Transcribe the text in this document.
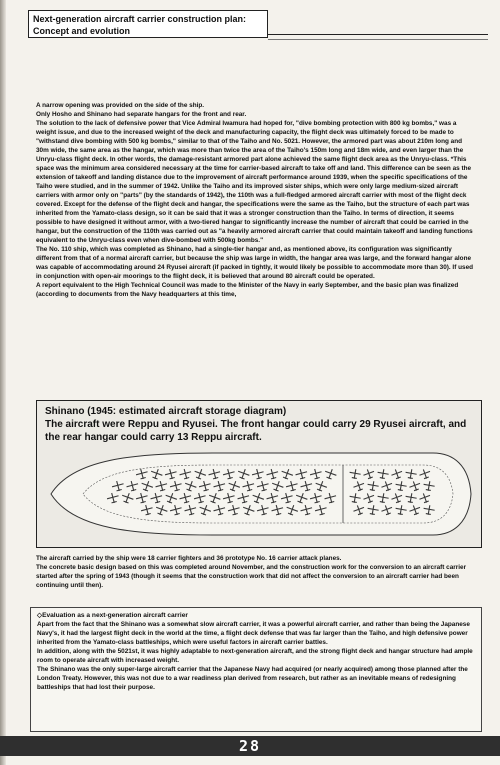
Next-generation aircraft carrier construction plan:
Concept and evolution

A narrow opening was provided on the side of the ship.

Only Hosho and Shinano had separate hangars for the front and rear.

The solution to the lack of defensive power that Vice Admiral Iwamura had hoped for, "dive bombing protection with 800 kg bombs," was a weight issue, and due to the increased weight of the deck and manufacturing capacity, the flight deck was ultimately forced to be made to "withstand dive bombing with 500 kg bombs," similar to that of the Taiho and No. 5021. However, the armored part was about 210m long and 30m wide, the same area as the hangar, which was more than twice the area of the Taiho's 150m long and 18m wide, and even larger than the Unryu-class flight deck. In other words, the damage-resistant armored part alone achieved the same flight deck area as the Unryu-class. *This space was the minimum area considered necessary at the time for carrier-based aircraft to take off and land. This difference can be seen as the extension of takeoff and landing distance due to the improvement of aircraft performance around 1939, when the specific specifications of the Taiho were studied, and in the summer of 1942. Unlike the Taiho and its improved sister ships, which were only large medium-sized aircraft carriers with armor only on "parts" (by the standards of 1942), the 110th was a full-fledged armored aircraft carrier with most of the flight deck covered. Except for the defense of the flight deck and hangar, the specifications were the same as the Taiho, but the structure of each part was inherited from the Yamato-class design, so it can be said that it was a stronger construction than the Taiho. In terms of direction, it seems possible to have designed it without armor, with a two-tiered hangar to significantly increase the number of aircraft that could be carried in the hangar, but the construction of the 110th was carried out as "a heavily armored aircraft carrier that could maintain takeoff and landing functions equivalent to the Unryu-class even when dive-bombed with 500kg bombs."

The No. 110 ship, which was completed as Shinano, had a single-tier hangar and, as mentioned above, its configuration was significantly different from that of a normal aircraft carrier, but because the ship was large in width, the hangar area was large, and the forward hangar alone was capable of accommodating around 24 Ryusei aircraft (if packed in tightly, it would likely be possible to accommodate more than 30). If used in conjunction with open-air moorings to the flight deck, it is believed that around 80 aircraft could be operated.

A report equivalent to the High Technical Council was made to the Minister of the Navy in early September, and the basic plan was finalized (according to documents from the Navy headquarters at this time,

Shinano (1945: estimated aircraft storage diagram)

The aircraft were Reppu and Ryusei. The front hangar could carry 29 Ryusei aircraft, and the rear hangar could carry 13 Reppu aircraft.

The aircraft carried by the ship were 18 carrier fighters and 36 prototype No. 16 carrier attack planes.

The concrete basic design based on this was completed around November, and the construction work for the conversion to an aircraft carrier started after the spring of 1943 (though it seems that the construction work that did not affect the conversion to an aircraft carrier had been continuing until then).

◇Evaluation as a next-generation aircraft carrier

Apart from the fact that the Shinano was a somewhat slow aircraft carrier, it was a powerful aircraft carrier, and rather than being the Japanese Navy's, it had the largest flight deck in the world at the time, a flight deck defense that was far larger than the Taiho, and high defensive power inherited from the Yamato-class battleships, which were useful factors in aircraft carrier battles.

In addition, along with the 5021st, it was highly adaptable to next-generation aircraft, and the strong flight deck and hangar structure had ample room to operate aircraft with increased weight.

The Shinano was the only super-large aircraft carrier that the Japanese Navy had acquired (or nearly acquired) among those planned after the London Treaty. However, this was not due to a war readiness plan derived from research, but rather as an inevitable means of redesigning battleships that had lost their purpose.

28
